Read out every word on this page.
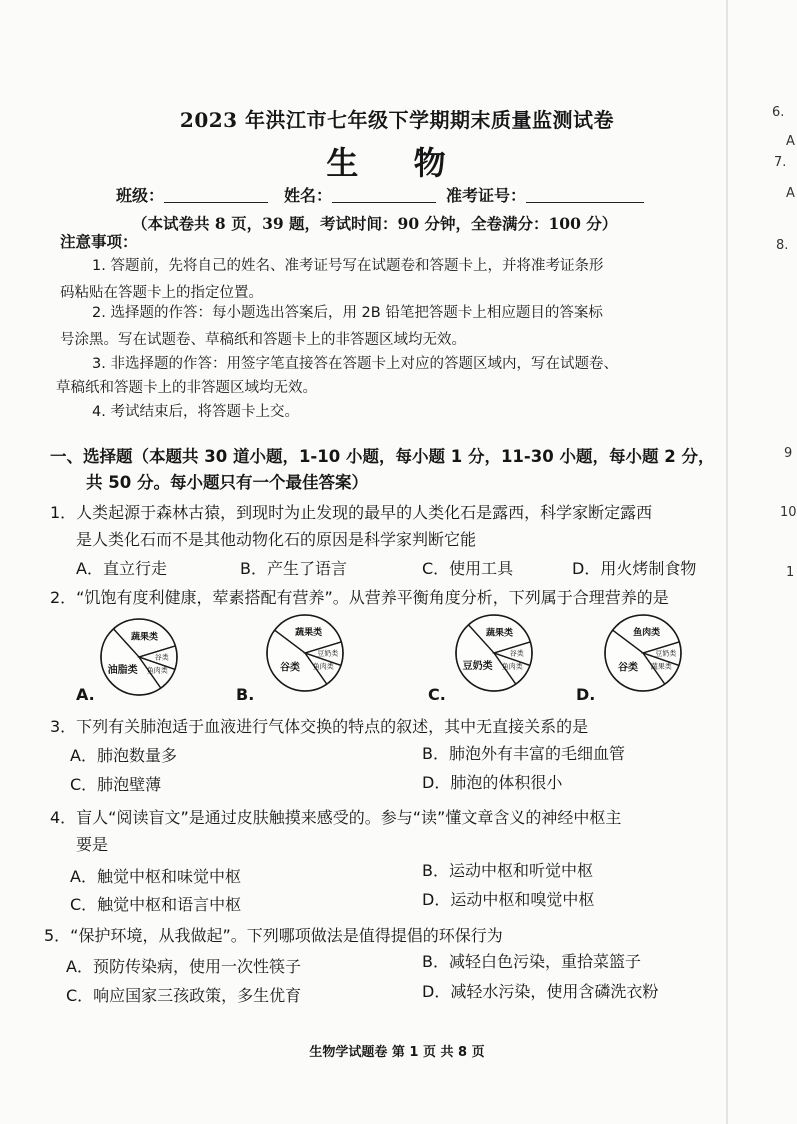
2023 年洪江市七年级下学期期末质量监测试卷
生 物
班级：	姓名：	准考证号：
（本试卷共 8 页，39 题，考试时间：90 分钟，全卷满分：100 分）
注意事项：
1. 答题前，先将自己的姓名、准考证号写在试题卷和答题卡上，并将准考证条形
码粘贴在答题卡上的指定位置。
2. 选择题的作答：每小题选出答案后，用 2B 铅笔把答题卡上相应题目的答案标
号涂黑。写在试题卷、草稿纸和答题卡上的非答题区域均无效。
3. 非选择题的作答：用签字笔直接答在答题卡上对应的答题区域内，写在试题卷、
草稿纸和答题卡上的非答题区域均无效。
4. 考试结束后，将答题卡上交。
一、选择题（本题共 30 道小题，1-10 小题，每小题 1 分，11-30 小题，每小题 2 分，
共 50 分。每小题只有一个最佳答案）
1．人类起源于森林古猿，到现时为止发现的最早的人类化石是露西，科学家断定露西
是人类化石而不是其他动物化石的原因是科学家判断它能
A．直立行走	B．产生了语言	C．使用工具	D．用火烤制食物
2．“饥饱有度利健康，荤素搭配有营养”。从营养平衡角度分析，下列属于合理营养的是
油脂类
蔬果类
谷类
鱼肉类	谷类
蔬果类
豆奶类
鱼肉类	豆奶类
蔬果类
谷类
鱼肉类	谷类
鱼肉类
豆奶类
蔬果类
A.	B.	C.	D.
3．下列有关肺泡适于血液进行气体交换的特点的叙述，其中无直接关系的是
A．肺泡数量多	B．肺泡外有丰富的毛细血管
C．肺泡壁薄	D．肺泡的体积很小
4．盲人“阅读盲文”是通过皮肤触摸来感受的。参与“读”懂文章含义的神经中枢主
要是
A．触觉中枢和味觉中枢	B．运动中枢和听觉中枢
C．触觉中枢和语言中枢	D．运动中枢和嗅觉中枢
5．“保护环境，从我做起”。下列哪项做法是值得提倡的环保行为
A．预防传染病，使用一次性筷子	B．减轻白色污染，重拾菜篮子
C．响应国家三孩政策，多生优育	D．减轻水污染，使用含磷洗衣粉
生物学试题卷 第 1 页 共 8 页
6.
A
7.
A
8.
9
10
1
